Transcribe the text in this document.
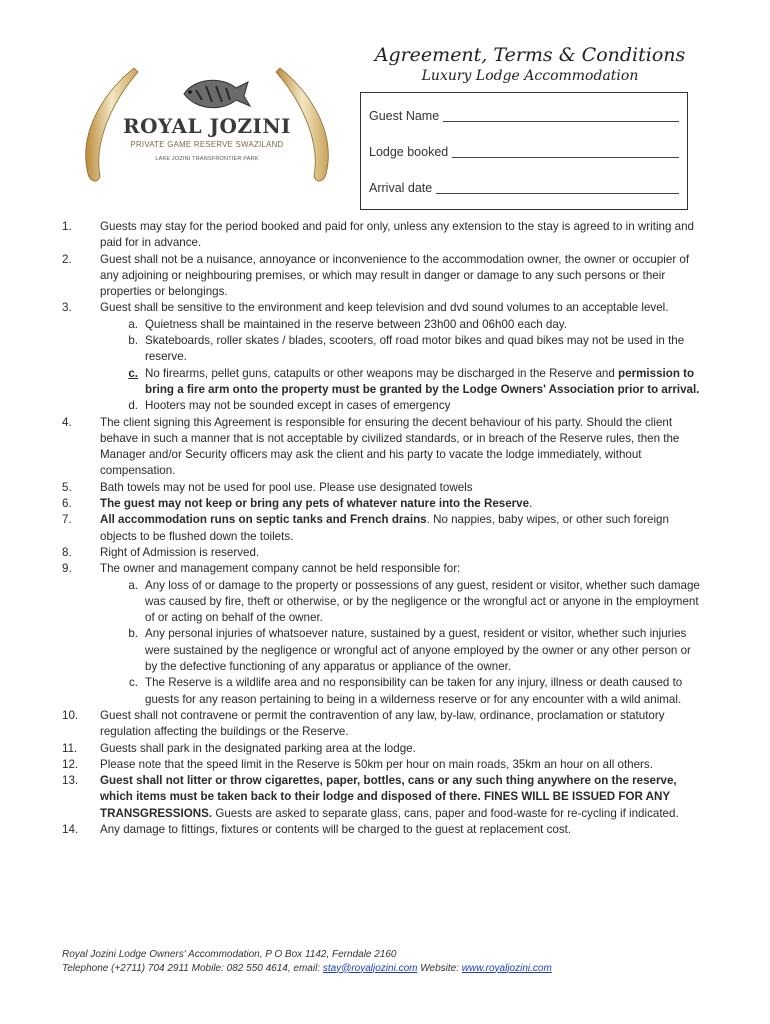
ROYAL JOZINI
PRIVATE GAME RESERVE SWAZILAND
LAKE JOZINI TRANSFRONTIER PARK
Agreement, Terms & Conditions
Luxury Lodge Accommodation
Guest Name
Lodge booked
Arrival date
1.	Guests may stay for the period booked and paid for only, unless any extension to the stay is agreed to in writing and paid for in advance.
2.	Guest shall not be a nuisance, annoyance or inconvenience to the accommodation owner, the owner or occupier of any adjoining or neighbouring premises, or which may result in danger or damage to any such persons or their properties or belongings.
3.	Guest shall be sensitive to the environment and keep television and dvd sound volumes to an acceptable level.
a. Quietness shall be maintained in the reserve between 23h00 and 06h00 each day.
b. Skateboards, roller skates / blades, scooters, off road motor bikes and quad bikes may not be used in the reserve.
c. No firearms, pellet guns, catapults or other weapons may be discharged in the Reserve and permission to bring a fire arm onto the property must be granted by the Lodge Owners' Association prior to arrival.
d. Hooters may not be sounded except in cases of emergency
4.	The client signing this Agreement is responsible for ensuring the decent behaviour of his party. Should the client behave in such a manner that is not acceptable by civilized standards, or in breach of the Reserve rules, then the Manager and/or Security officers may ask the client and his party to vacate the lodge immediately, without compensation.
5.	Bath towels may not be used for pool use. Please use designated towels
6.	The guest may not keep or bring any pets of whatever nature into the Reserve.
7.	All accommodation runs on septic tanks and French drains. No nappies, baby wipes, or other such foreign objects to be flushed down the toilets.
8.	Right of Admission is reserved.
9.	The owner and management company cannot be held responsible for:
a. Any loss of or damage to the property or possessions of any guest, resident or visitor, whether such damage was caused by fire, theft or otherwise, or by the negligence or the wrongful act or anyone in the employment of or acting on behalf of the owner.
b. Any personal injuries of whatsoever nature, sustained by a guest, resident or visitor, whether such injuries were sustained by the negligence or wrongful act of anyone employed by the owner or any other person or by the defective functioning of any apparatus or appliance of the owner.
c. The Reserve is a wildlife area and no responsibility can be taken for any injury, illness or death caused to guests for any reason pertaining to being in a wilderness reserve or for any encounter with a wild animal.
10.	Guest shall not contravene or permit the contravention of any law, by-law, ordinance, proclamation or statutory regulation affecting the buildings or the Reserve.
11.	Guests shall park in the designated parking area at the lodge.
12.	Please note that the speed limit in the Reserve is 50km per hour on main roads, 35km an hour on all others.
13.	Guest shall not litter or throw cigarettes, paper, bottles, cans or any such thing anywhere on the reserve, which items must be taken back to their lodge and disposed of there. FINES WILL BE ISSUED FOR ANY TRANSGRESSIONS. Guests are asked to separate glass, cans, paper and food-waste for re-cycling if indicated.
14.	Any damage to fittings, fixtures or contents will be charged to the guest at replacement cost.
Royal Jozini Lodge Owners' Accommodation, P O Box 1142, Ferndale 2160
Telephone (+2711) 704 2911 Mobile: 082 550 4614, email: stay@royaljozini.com Website: www.royaljozini.com
